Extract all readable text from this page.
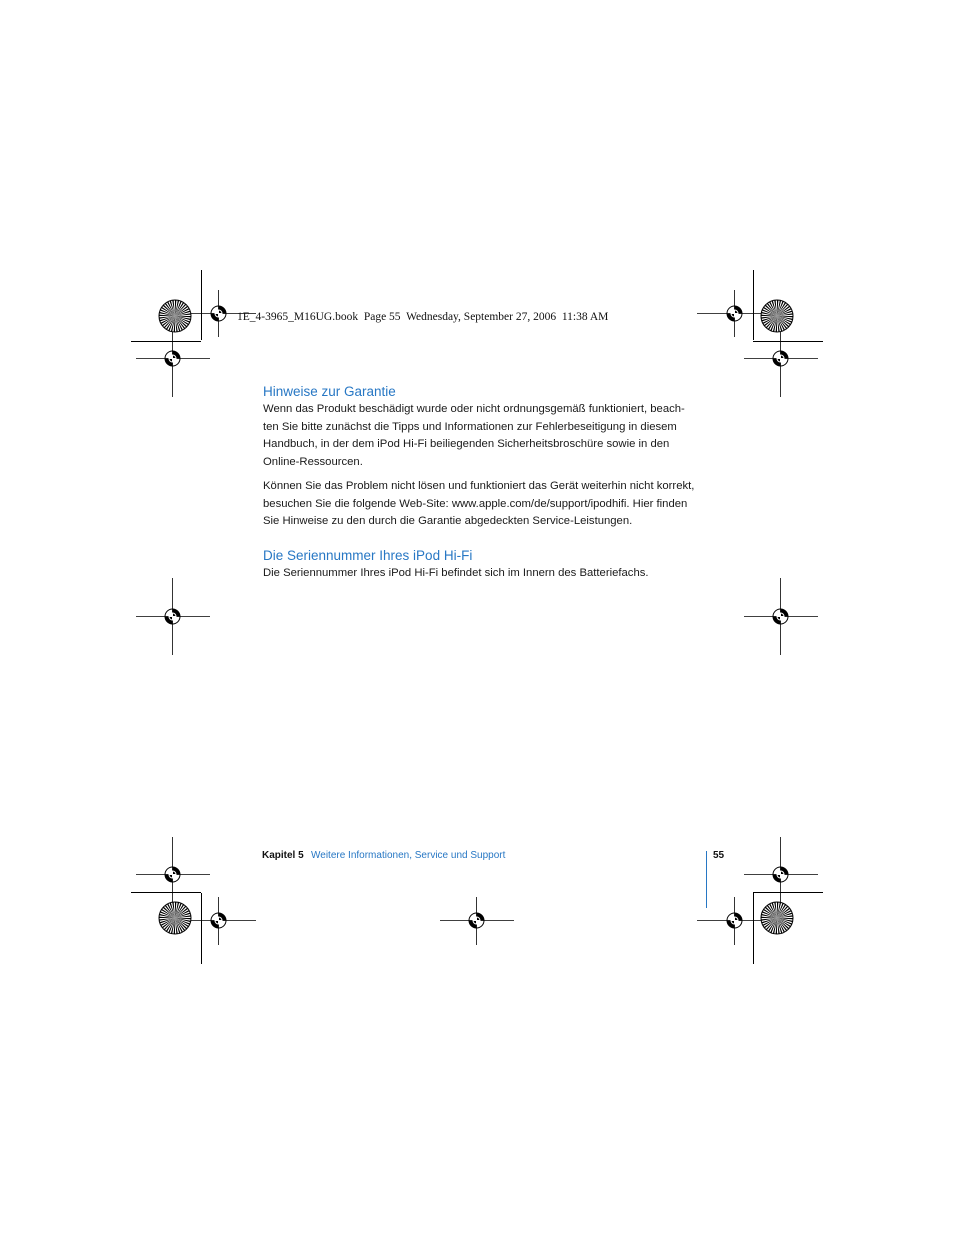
1E_4-3965_M16UG.book  Page 55  Wednesday, September 27, 2006  11:38 AM
Hinweise zur Garantie

Wenn das Produkt beschädigt wurde oder nicht ordnungsgemäß funktioniert, beach-
ten Sie bitte zunächst die Tipps und Informationen zur Fehlerbeseitigung in diesem
Handbuch, in der dem iPod Hi-Fi beiliegenden Sicherheitsbroschüre sowie in den
Online-Ressourcen.

Können Sie das Problem nicht lösen und funktioniert das Gerät weiterhin nicht korrekt,
besuchen Sie die folgende Web-Site: www.apple.com/de/support/ipodhifi. Hier finden
Sie Hinweise zu den durch die Garantie abgedeckten Service-Leistungen.

Die Seriennummer Ihres iPod Hi-Fi

Die Seriennummer Ihres iPod Hi-Fi befindet sich im Innern des Batteriefachs.

Kapitel 5 Weitere Informationen, Service und Support	55
